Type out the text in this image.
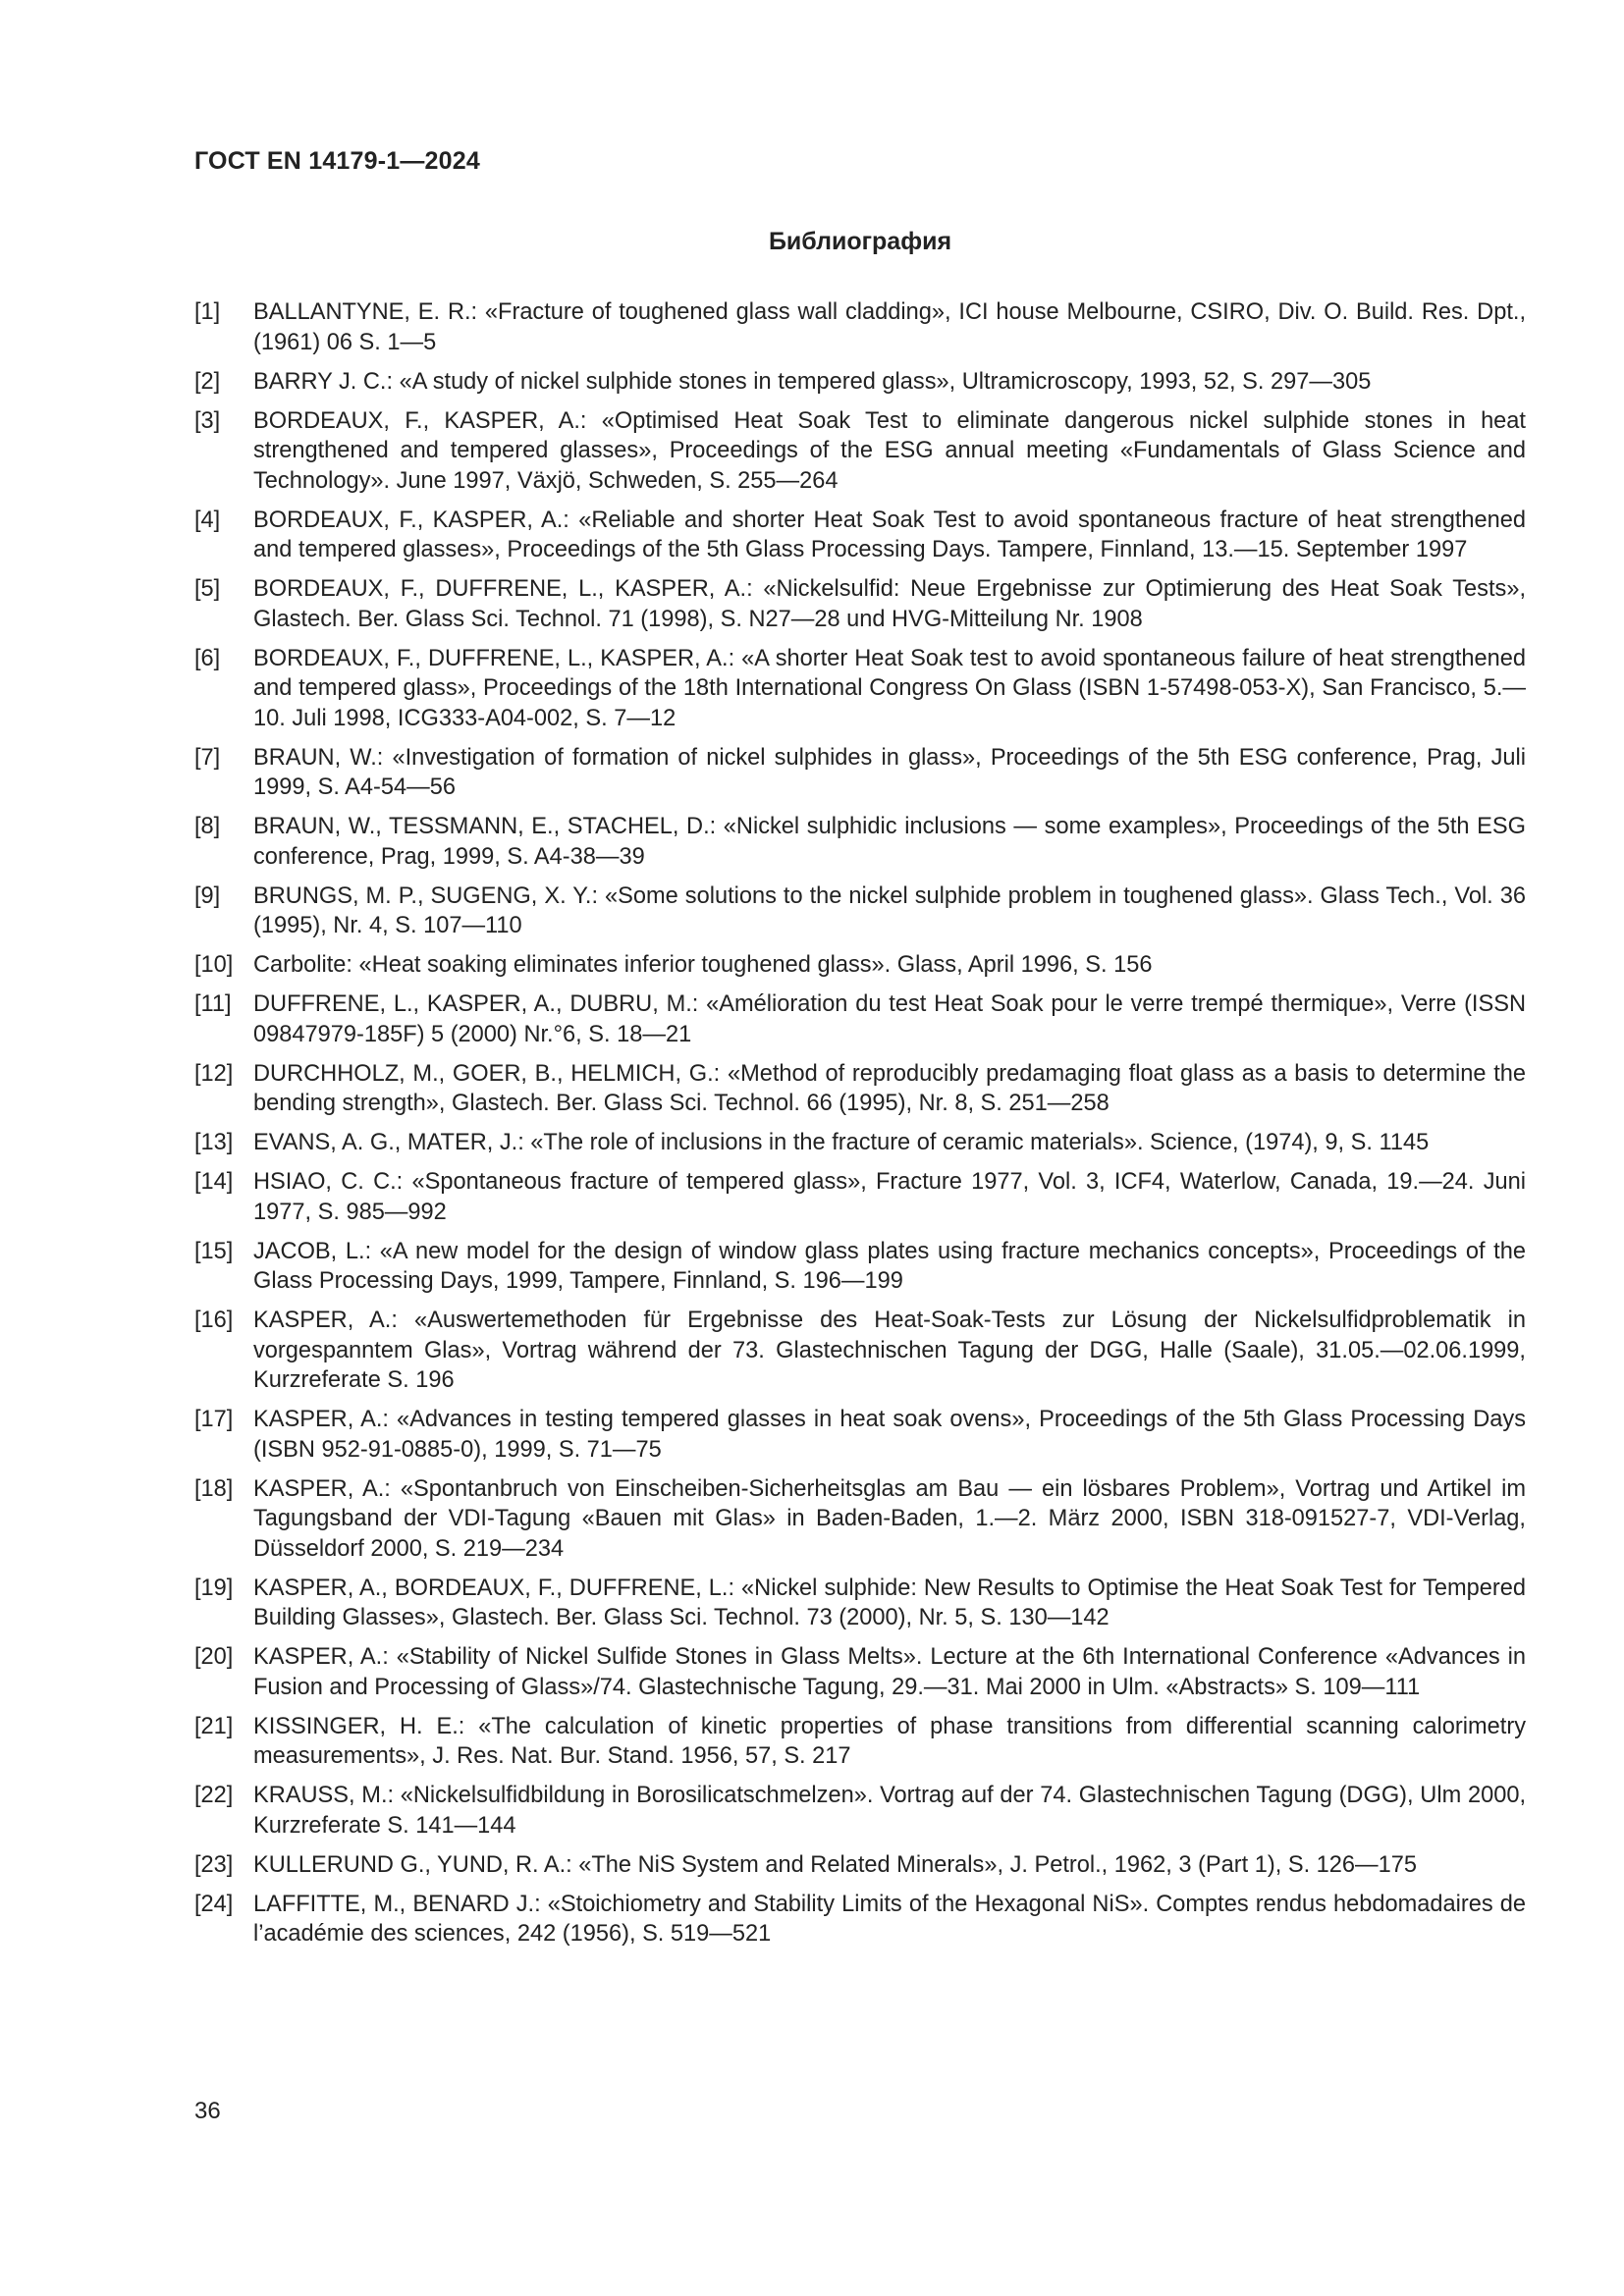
ГОСТ EN 14179-1—2024
Библиография
[1]	BALLANTYNE, E. R.: «Fracture of toughened glass wall cladding», ICI house Melbourne, CSIRO, Div. O. Build. Res. Dpt., (1961) 06 S. 1—5
[2]	BARRY J. C.: «A study of nickel sulphide stones in tempered glass», Ultramicroscopy, 1993, 52, S. 297—305
[3]	BORDEAUX, F., KASPER, A.: «Optimised Heat Soak Test to eliminate dangerous nickel sulphide stones in heat strengthened and tempered glasses», Proceedings of the ESG annual meeting «Fundamentals of Glass Science and Technology». June 1997, Växjö, Schweden, S. 255—264
[4]	BORDEAUX, F., KASPER, A.: «Reliable and shorter Heat Soak Test to avoid spontaneous fracture of heat strengthened and tempered glasses», Proceedings of the 5th Glass Processing Days. Tampere, Finnland, 13.—15. September 1997
[5]	BORDEAUX, F., DUFFRENE, L., KASPER, A.: «Nickelsulfid: Neue Ergebnisse zur Optimierung des Heat Soak Tests», Glastech. Ber. Glass Sci. Technol. 71 (1998), S. N27—28 und HVG-Mitteilung Nr. 1908
[6]	BORDEAUX, F., DUFFRENE, L., KASPER, A.: «A shorter Heat Soak test to avoid spontaneous failure of heat strengthened and tempered glass», Proceedings of the 18th International Congress On Glass (ISBN 1-57498-053-X), San Francisco, 5.—10. Juli 1998, ICG333-A04-002, S. 7—12
[7]	BRAUN, W.: «Investigation of formation of nickel sulphides in glass», Proceedings of the 5th ESG conference, Prag, Juli 1999, S. A4-54—56
[8]	BRAUN, W., TESSMANN, E., STACHEL, D.: «Nickel sulphidic inclusions — some examples», Proceedings of the 5th ESG conference, Prag, 1999, S. A4-38—39
[9]	BRUNGS, M. P., SUGENG, X. Y.: «Some solutions to the nickel sulphide problem in toughened glass». Glass Tech., Vol. 36 (1995), Nr. 4, S. 107—110
[10] Carbolite: «Heat soaking eliminates inferior toughened glass». Glass, April 1996, S. 156
[11] DUFFRENE, L., KASPER, A., DUBRU, M.: «Amélioration du test Heat Soak pour le verre trempé thermique», Verre (ISSN 09847979-185F) 5 (2000) Nr.°6, S. 18—21
[12] DURCHHOLZ, M., GOER, B., HELMICH, G.: «Method of reproducibly predamaging float glass as a basis to determine the bending strength», Glastech. Ber. Glass Sci. Technol. 66 (1995), Nr. 8, S. 251—258
[13] EVANS, A. G., MATER, J.: «The role of inclusions in the fracture of ceramic materials». Science, (1974), 9, S. 1145
[14] HSIAO, C. C.: «Spontaneous fracture of tempered glass», Fracture 1977, Vol. 3, ICF4, Waterlow, Canada, 19.—24. Juni 1977, S. 985—992
[15] JACOB, L.: «A new model for the design of window glass plates using fracture mechanics concepts», Proceedings of the Glass Processing Days, 1999, Tampere, Finnland, S. 196—199
[16] KASPER, A.: «Auswertemethoden für Ergebnisse des Heat-Soak-Tests zur Lösung der Nickelsulfidproblematik in vorgespanntem Glas», Vortrag während der 73. Glastechnischen Tagung der DGG, Halle (Saale), 31.05.—02.06.1999, Kurzreferate S. 196
[17] KASPER, A.: «Advances in testing tempered glasses in heat soak ovens», Proceedings of the 5th Glass Processing Days (ISBN 952-91-0885-0), 1999, S. 71—75
[18] KASPER, A.: «Spontanbruch von Einscheiben-Sicherheitsglas am Bau — ein lösbares Problem», Vortrag und Artikel im Tagungsband der VDI-Tagung «Bauen mit Glas» in Baden-Baden, 1.—2. März 2000, ISBN 318-091527-7, VDI-Verlag, Düsseldorf 2000, S. 219—234
[19] KASPER, A., BORDEAUX, F., DUFFRENE, L.: «Nickel sulphide: New Results to Optimise the Heat Soak Test for Tempered Building Glasses», Glastech. Ber. Glass Sci. Technol. 73 (2000), Nr. 5, S. 130—142
[20] KASPER, A.: «Stability of Nickel Sulfide Stones in Glass Melts». Lecture at the 6th International Conference «Advances in Fusion and Processing of Glass»/74. Glastechnische Tagung, 29.—31. Mai 2000 in Ulm. «Abstracts» S. 109—111
[21] KISSINGER, H. E.: «The calculation of kinetic properties of phase transitions from differential scanning calorimetry measurements», J. Res. Nat. Bur. Stand. 1956, 57, S. 217
[22] KRAUSS, M.: «Nickelsulfidbildung in Borosilicatschmelzen». Vortrag auf der 74. Glastechnischen Tagung (DGG), Ulm 2000, Kurzreferate S. 141—144
[23] KULLERUND G., YUND, R. A.: «The NiS System and Related Minerals», J. Petrol., 1962, 3 (Part 1), S. 126—175
[24] LAFFITTE, M., BENARD J.: «Stoichiometry and Stability Limits of the Hexagonal NiS». Comptes rendus hebdomadaires de l’académie des sciences, 242 (1956), S. 519—521
36
